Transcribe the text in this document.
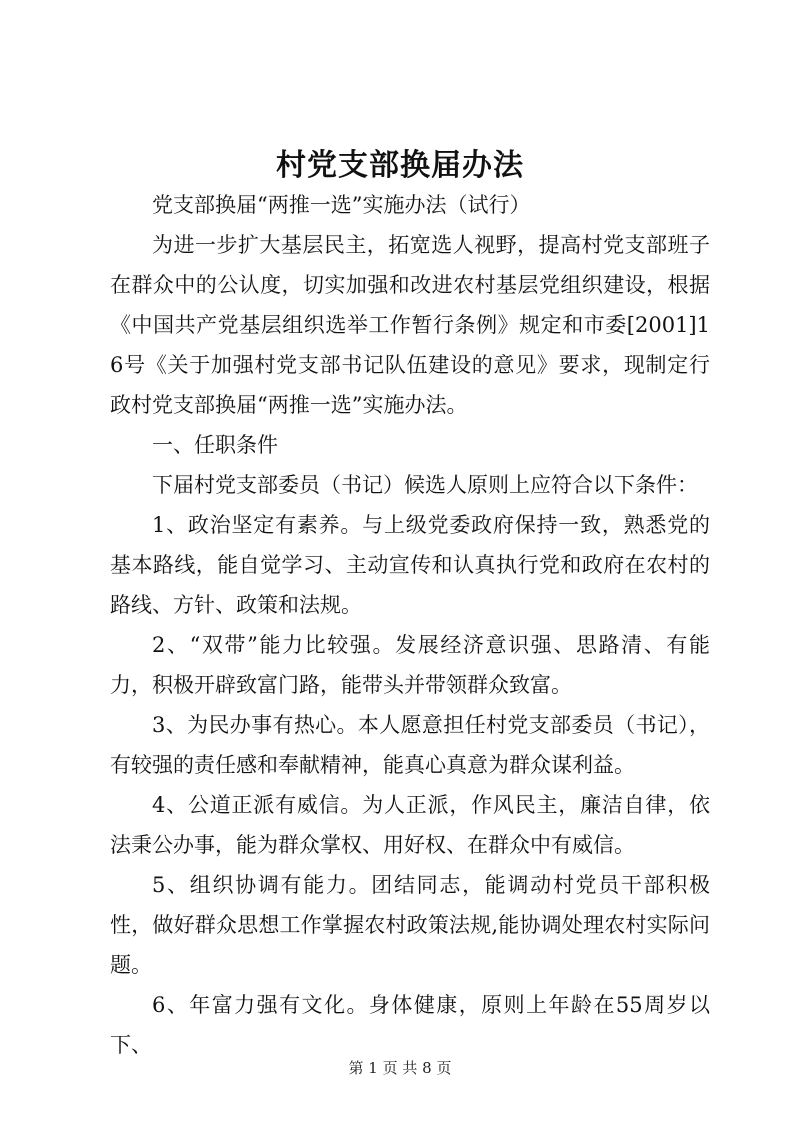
村党支部换届办法

党支部换届“两推一选”实施办法（试行）

为进一步扩大基层民主，拓宽选人视野，提高村党支部班子在群众中的公认度，切实加强和改进农村基层党组织建设，根据《中国共产党基层组织选举工作暂行条例》规定和市委[2001]16号《关于加强村党支部书记队伍建设的意见》要求，现制定行政村党支部换届“两推一选”实施办法。

一、任职条件

下届村党支部委员（书记）候选人原则上应符合以下条件：

1、政治坚定有素养。与上级党委政府保持一致，熟悉党的基本路线，能自觉学习、主动宣传和认真执行党和政府在农村的路线、方针、政策和法规。

2、“双带”能力比较强。发展经济意识强、思路清、有能力，积极开辟致富门路，能带头并带领群众致富。

3、为民办事有热心。本人愿意担任村党支部委员（书记），有较强的责任感和奉献精神，能真心真意为群众谋利益。

4、公道正派有威信。为人正派，作风民主，廉洁自律，依法秉公办事，能为群众掌权、用好权、在群众中有威信。

5、组织协调有能力。团结同志，能调动村党员干部积极性，做好群众思想工作掌握农村政策法规,能协调处理农村实际问题。

6、年富力强有文化。身体健康，原则上年龄在55周岁以下、

第 1 页 共 8 页
